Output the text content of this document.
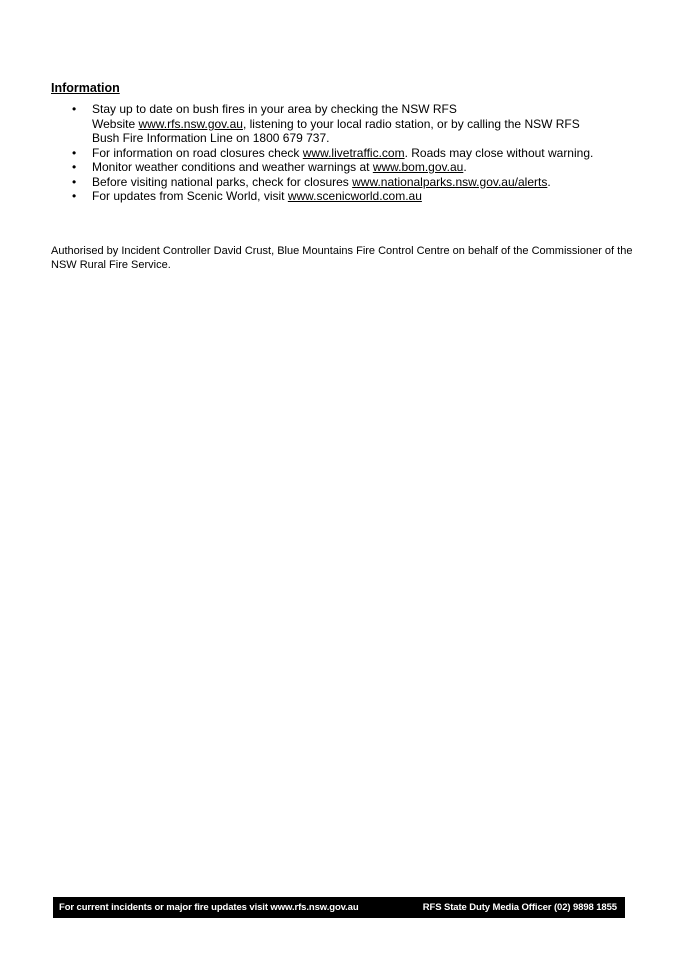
Information
• Stay up to date on bush fires in your area by checking the NSW RFS
Website www.rfs.nsw.gov.au, listening to your local radio station, or by calling the NSW RFS
Bush Fire Information Line on 1800 679 737.
• For information on road closures check www.livetraffic.com. Roads may close without warning.
• Monitor weather conditions and weather warnings at www.bom.gov.au.
• Before visiting national parks, check for closures www.nationalparks.nsw.gov.au/alerts.
• For updates from Scenic World, visit www.scenicworld.com.au

Authorised by Incident Controller David Crust, Blue Mountains Fire Control Centre on behalf of the Commissioner of the NSW Rural Fire Service.

For current incidents or major fire updates visit www.rfs.nsw.gov.au	RFS State Duty Media Officer (02) 9898 1855
